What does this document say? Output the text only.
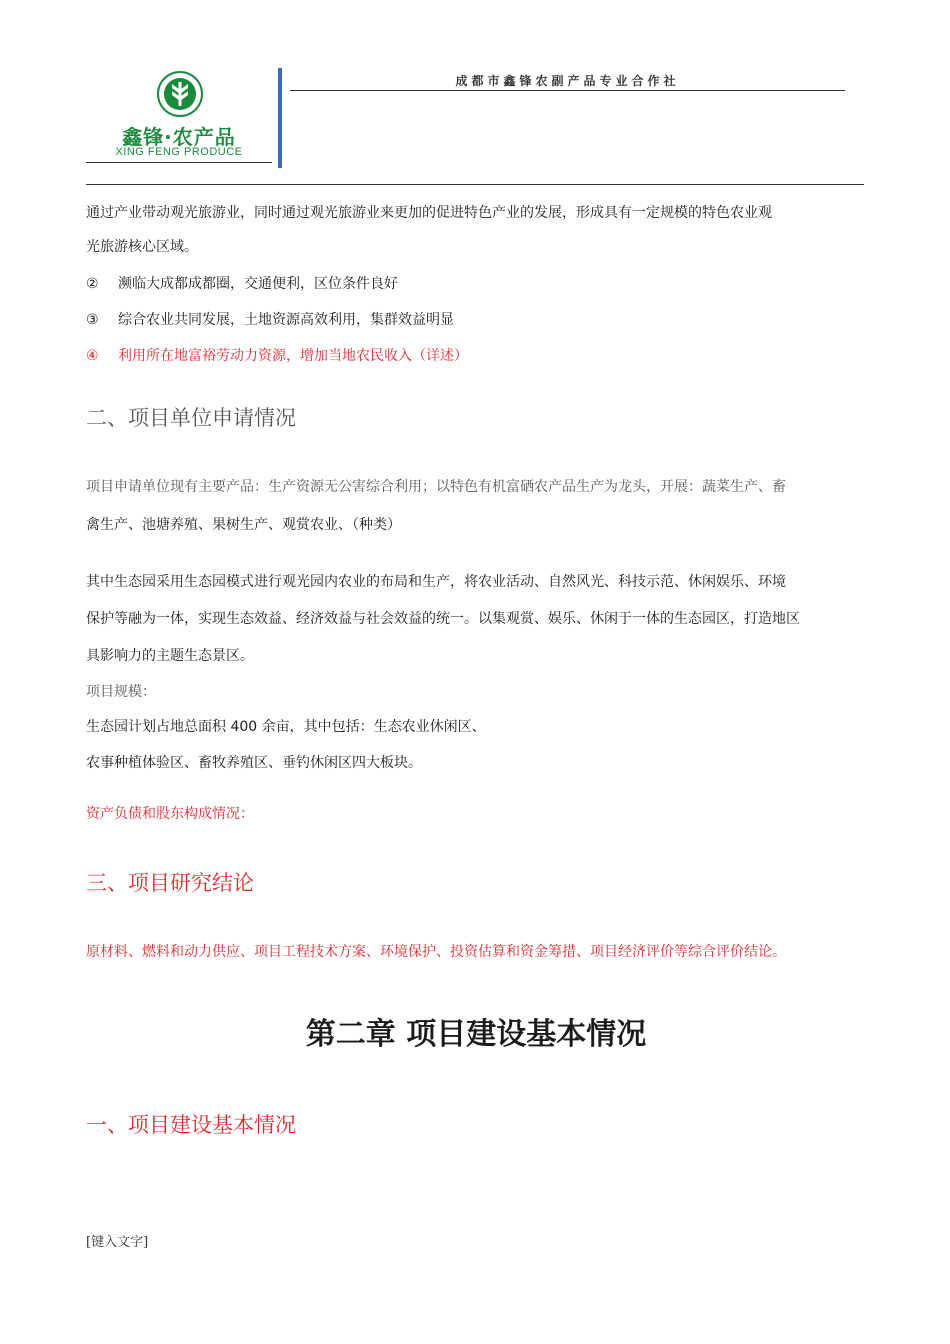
鑫锋·农产品
XING FENG PRODUCE
成都市鑫锋农副产品专业合作社

通过产业带动观光旅游业，同时通过观光旅游业来更加的促进特色产业的发展，形成具有一定规模的特色农业观

光旅游核心区域。

② 濒临大成都成都圈，交通便利，区位条件良好

③ 综合农业共同发展，土地资源高效利用，集群效益明显

④ 利用所在地富裕劳动力资源，增加当地农民收入（详述）

二、项目单位申请情况

项目申请单位现有主要产品：生产资源无公害综合利用；以特色有机富硒农产品生产为龙头，开展：蔬菜生产、畜

禽生产、池塘养殖、果树生产、观赏农业、（种类）

其中生态园采用生态园模式进行观光园内农业的布局和生产，将农业活动、自然风光、科技示范、休闲娱乐、环境

保护等融为一体，实现生态效益、经济效益与社会效益的统一。以集观赏、娱乐、休闲于一体的生态园区，打造地区

具影响力的主题生态景区。

项目规模：

生态园计划占地总面积 400 余亩，其中包括：生态农业休闲区、

农事种植体验区、畜牧养殖区、垂钓休闲区四大板块。

资产负债和股东构成情况：

三、项目研究结论

原材料、燃料和动力供应、项目工程技术方案、环境保护、投资估算和资金筹措、项目经济评价等综合评价结论。

第二章 项目建设基本情况
一、项目建设基本情况
[键入文字]
